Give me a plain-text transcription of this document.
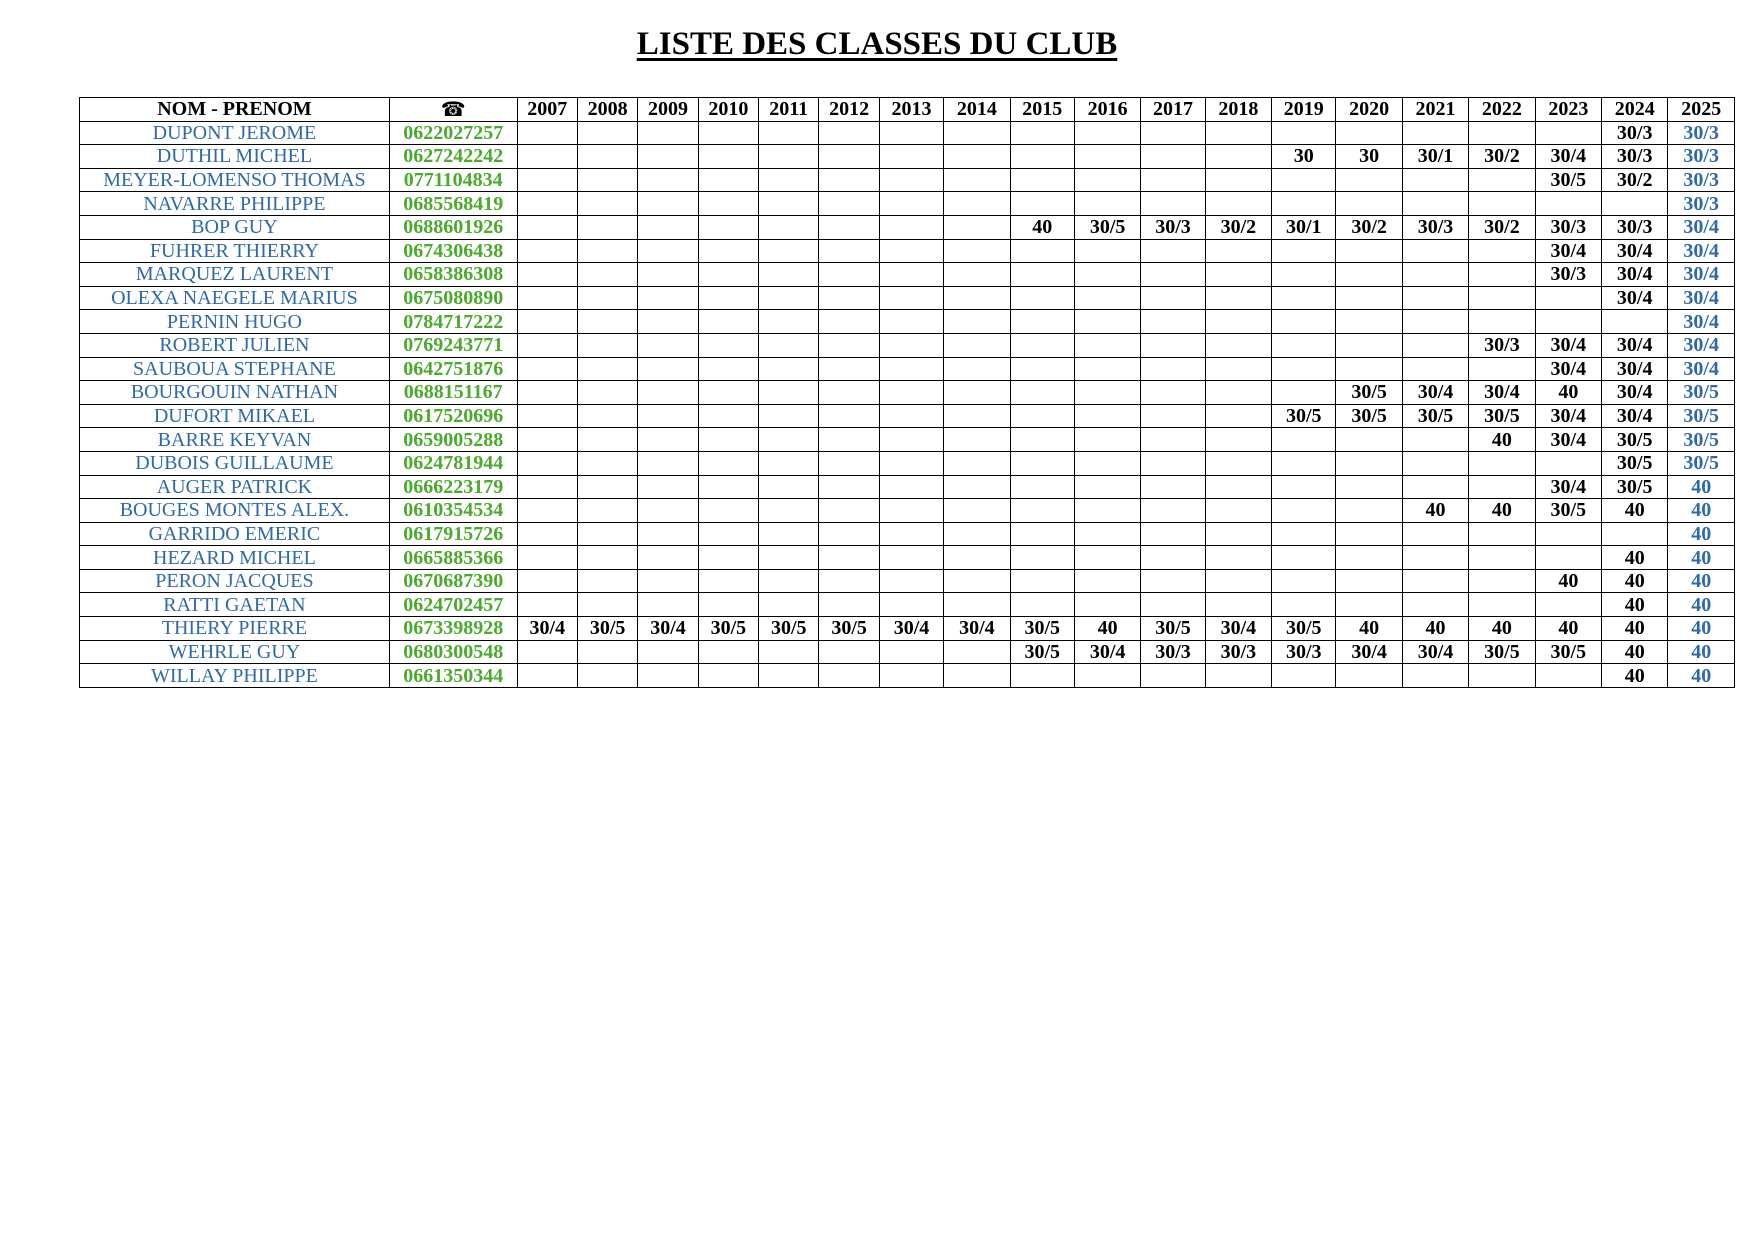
LISTE DES CLASSES DU CLUB
NOM - PRENOM	☎	2007	2008	2009	2010	2011	2012	2013	2014	2015	2016	2017	2018	2019	2020	2021	2022	2023	2024	2025
DUPONT JEROME	0622027257																		30/3	30/3
DUTHIL MICHEL	0627242242													30	30	30/1	30/2	30/4	30/3	30/3
MEYER-LOMENSO THOMAS	0771104834																	30/5	30/2	30/3
NAVARRE PHILIPPE	0685568419																			30/3
BOP GUY	0688601926									40	30/5	30/3	30/2	30/1	30/2	30/3	30/2	30/3	30/3	30/4
FUHRER THIERRY	0674306438																	30/4	30/4	30/4
MARQUEZ LAURENT	0658386308																	30/3	30/4	30/4
OLEXA NAEGELE MARIUS	0675080890																		30/4	30/4
PERNIN HUGO	0784717222																			30/4
ROBERT JULIEN	0769243771																30/3	30/4	30/4	30/4
SAUBOUA STEPHANE	0642751876																	30/4	30/4	30/4
BOURGOUIN NATHAN	0688151167														30/5	30/4	30/4	40	30/4	30/5
DUFORT MIKAEL	0617520696													30/5	30/5	30/5	30/5	30/4	30/4	30/5
BARRE KEYVAN	0659005288																40	30/4	30/5	30/5
DUBOIS GUILLAUME	0624781944																		30/5	30/5
AUGER PATRICK	0666223179																	30/4	30/5	40
BOUGES MONTES ALEX.	0610354534															40	40	30/5	40	40
GARRIDO EMERIC	0617915726																			40
HEZARD MICHEL	0665885366																		40	40
PERON JACQUES	0670687390																	40	40	40
RATTI GAETAN	0624702457																		40	40
THIERY PIERRE	0673398928	30/4	30/5	30/4	30/5	30/5	30/5	30/4	30/4	30/5	40	30/5	30/4	30/5	40	40	40	40	40	40
WEHRLE GUY	0680300548									30/5	30/4	30/3	30/3	30/3	30/4	30/4	30/5	30/5	40	40
WILLAY PHILIPPE	0661350344																		40	40
